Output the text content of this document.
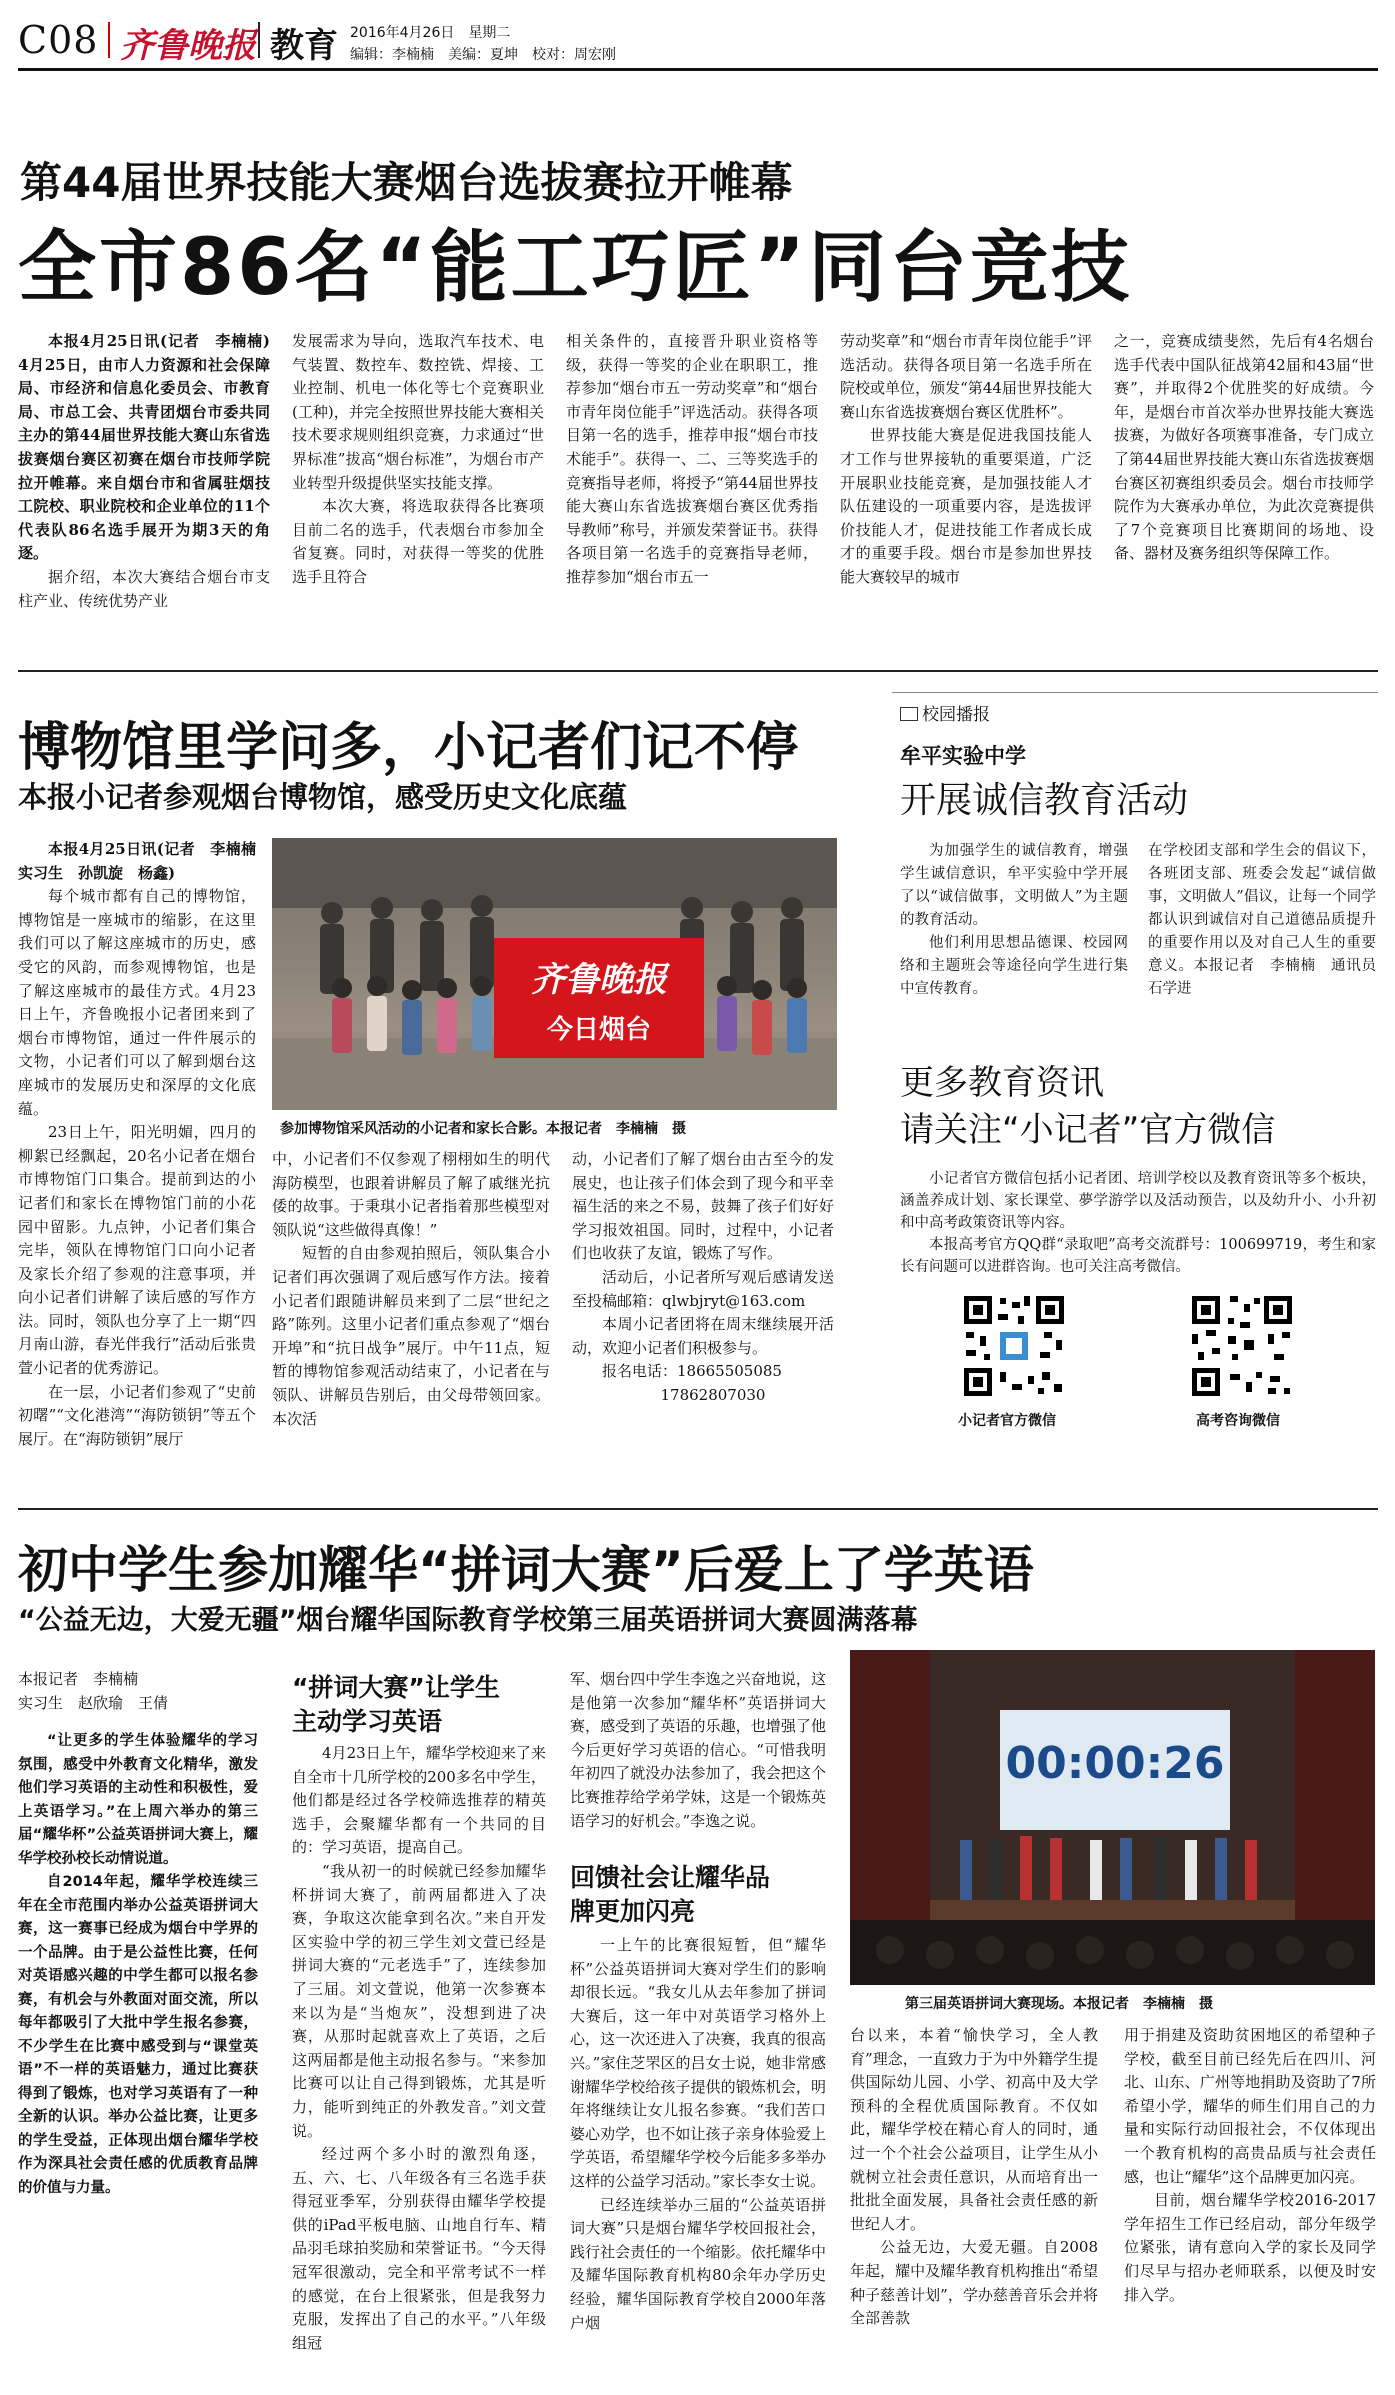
C08 齐鲁晚报 教育 2016年4月26日　星期二
编辑：李楠楠　美编：夏坤　校对：周宏刚
第44届世界技能大赛烟台选拔赛拉开帷幕
全市86名“能工巧匠”同台竞技

本报4月25日讯(记者　李楠楠)　4月25日，由市人力资源和社会保障局、市经济和信息化委员会、市教育局、市总工会、共青团烟台市委共同主办的第44届世界技能大赛山东省选拔赛烟台赛区初赛在烟台市技师学院拉开帷幕。来自烟台市和省属驻烟技工院校、职业院校和企业单位的11个代表队86名选手展开为期3天的角逐。

据介绍，本次大赛结合烟台市支柱产业、传统优势产业

发展需求为导向，选取汽车技术、电气装置、数控车、数控铣、焊接、工业控制、机电一体化等七个竞赛职业(工种)，并完全按照世界技能大赛相关技术要求规则组织竞赛，力求通过“世界标准”拔高“烟台标准”，为烟台市产业转型升级提供坚实技能支撑。

本次大赛，将选取获得各比赛项目前二名的选手，代表烟台市参加全省复赛。同时，对获得一等奖的优胜选手且符合

相关条件的，直接晋升职业资格等级，获得一等奖的企业在职职工，推荐参加“烟台市五一劳动奖章”和“烟台市青年岗位能手”评选活动。获得各项目第一名的选手，推荐申报“烟台市技术能手”。获得一、二、三等奖选手的竞赛指导老师，将授予“第44届世界技能大赛山东省选拔赛烟台赛区优秀指导教师”称号，并颁发荣誉证书。获得各项目第一名选手的竞赛指导老师，推荐参加“烟台市五一

劳动奖章”和“烟台市青年岗位能手”评选活动。获得各项目第一名选手所在院校或单位，颁发“第44届世界技能大赛山东省选拔赛烟台赛区优胜杯”。

世界技能大赛是促进我国技能人才工作与世界接轨的重要渠道，广泛开展职业技能竞赛，是加强技能人才队伍建设的一项重要内容，是选拔评价技能人才，促进技能工作者成长成才的重要手段。烟台市是参加世界技能大赛较早的城市

之一，竞赛成绩斐然，先后有4名烟台选手代表中国队征战第42届和43届“世赛”，并取得2个优胜奖的好成绩。今年，是烟台市首次举办世界技能大赛选拔赛，为做好各项赛事准备，专门成立了第44届世界技能大赛山东省选拔赛烟台赛区初赛组织委员会。烟台市技师学院作为大赛承办单位，为此次竞赛提供了7个竞赛项目比赛期间的场地、设备、器材及赛务组织等保障工作。

博物馆里学问多，小记者们记不停
本报小记者参观烟台博物馆，感受历史文化底蕴

本报4月25日讯(记者　李楠楠　实习生　孙凯旋　杨鑫)

每个城市都有自己的博物馆，博物馆是一座城市的缩影，在这里我们可以了解这座城市的历史，感受它的风韵，而参观博物馆，也是了解这座城市的最佳方式。4月23日上午，齐鲁晚报小记者团来到了烟台市博物馆，通过一件件展示的文物，小记者们可以了解到烟台这座城市的发展历史和深厚的文化底蕴。

23日上午，阳光明媚，四月的柳絮已经飘起，20名小记者在烟台市博物馆门口集合。提前到达的小记者们和家长在博物馆门前的小花园中留影。九点钟，小记者们集合完毕，领队在博物馆门口向小记者及家长介绍了参观的注意事项，并向小记者们讲解了读后感的写作方法。同时，领队也分享了上一期“四月南山游，春光伴我行”活动后张贵萱小记者的优秀游记。

在一层，小记者们参观了“史前初曙”“文化港湾”“海防锁钥”等五个展厅。在“海防锁钥”展厅

齐鲁晚报
今日烟台
参加博物馆采风活动的小记者和家长合影。本报记者　李楠楠　摄

中，小记者们不仅参观了栩栩如生的明代海防模型，也跟着讲解员了解了戚继光抗倭的故事。于秉琪小记者指着那些模型对领队说“这些做得真像！”

短暂的自由参观拍照后，领队集合小记者们再次强调了观后感写作方法。接着小记者们跟随讲解员来到了二层“世纪之路”陈列。这里小记者们重点参观了“烟台开埠”和“抗日战争”展厅。中午11点，短暂的博物馆参观活动结束了，小记者在与领队、讲解员告别后，由父母带领回家。本次活

动，小记者们了解了烟台由古至今的发展史，也让孩子们体会到了现今和平幸福生活的来之不易，鼓舞了孩子们好好学习报效祖国。同时，过程中，小记者们也收获了友谊，锻炼了写作。

活动后，小记者所写观后感请发送至投稿邮箱：qlwbjryt@163.com

本周小记者团将在周末继续展开活动，欢迎小记者们积极参与。

报名电话：18665505085

17862807030

校园播报
牟平实验中学
开展诚信教育活动

为加强学生的诚信教育，增强学生诚信意识，牟平实验中学开展了以“诚信做事，文明做人”为主题的教育活动。

他们利用思想品德课、校园网络和主题班会等途径向学生进行集中宣传教育。

在学校团支部和学生会的倡议下，各班团支部、班委会发起“诚信做事，文明做人”倡议，让每一个同学都认识到诚信对自己道德品质提升的重要作用以及对自己人生的重要意义。本报记者　李楠楠　通讯员　石学进

更多教育资讯
请关注“小记者”官方微信

小记者官方微信包括小记者团、培训学校以及教育资讯等多个板块，涵盖养成计划、家长课堂、夢学游学以及活动预告，以及幼升小、小升初和中高考政策资讯等内容。

本报高考官方QQ群“录取吧”高考交流群号：100699719，考生和家长有问题可以进群咨询。也可关注高考微信。

小记者官方微信	高考咨询微信
初中学生参加耀华“拼词大赛”后爱上了学英语
“公益无边，大爱无疆”烟台耀华国际教育学校第三届英语拼词大赛圆满落幕

本报记者　李楠楠

实习生　赵欣瑜　王倩

“让更多的学生体验耀华的学习氛围，感受中外教育文化精华，激发他们学习英语的主动性和积极性，爱上英语学习。”在上周六举办的第三届“耀华杯”公益英语拼词大赛上，耀华学校孙校长动情说道。

自2014年起，耀华学校连续三年在全市范围内举办公益英语拼词大赛，这一赛事已经成为烟台中学界的一个品牌。由于是公益性比赛，任何对英语感兴趣的中学生都可以报名参赛，有机会与外教面对面交流，所以每年都吸引了大批中学生报名参赛，不少学生在比赛中感受到与“课堂英语”不一样的英语魅力，通过比赛获得到了锻炼，也对学习英语有了一种全新的认识。举办公益比赛，让更多的学生受益，正体现出烟台耀华学校作为深具社会责任感的优质教育品牌的价值与力量。

“拼词大赛”让学生
主动学习英语

4月23日上午，耀华学校迎来了来自全市十几所学校的200多名中学生，他们都是经过各学校筛选推荐的精英选手，会聚耀华都有一个共同的目的：学习英语，提高自己。

“我从初一的时候就已经参加耀华杯拼词大赛了，前两届都进入了决赛，争取这次能拿到名次。”来自开发区实验中学的初三学生刘文萱已经是拼词大赛的“元老选手”了，连续参加了三届。刘文萱说，他第一次参赛本来以为是“当炮灰”，没想到进了决赛，从那时起就喜欢上了英语，之后这两届都是他主动报名参与。“来参加比赛可以让自己得到锻炼，尤其是听力，能听到纯正的外教发音。”刘文萱说。

经过两个多小时的激烈角逐，五、六、七、八年级各有三名选手获得冠亚季军，分别获得由耀华学校提供的iPad平板电脑、山地自行车、精品羽毛球拍奖励和荣誉证书。“今天得冠军很激动，完全和平常考试不一样的感觉，在台上很紧张，但是我努力克服，发挥出了自己的水平。”八年级组冠

军、烟台四中学生李逸之兴奋地说，这是他第一次参加“耀华杯”英语拼词大赛，感受到了英语的乐趣，也增强了他今后更好学习英语的信心。“可惜我明年初四了就没办法参加了，我会把这个比赛推荐给学弟学妹，这是一个锻炼英语学习的好机会。”李逸之说。

回馈社会让耀华品
牌更加闪亮

一上午的比赛很短暂，但“耀华杯”公益英语拼词大赛对学生们的影响却很长远。“我女儿从去年参加了拼词大赛后，这一年中对英语学习格外上心，这一次还进入了决赛，我真的很高兴。”家住芝罘区的吕女士说，她非常感谢耀华学校给孩子提供的锻炼机会，明年将继续让女儿报名参赛。“我们苦口婆心劝学，也不如让孩子亲身体验爱上学英语，希望耀华学校今后能多多举办这样的公益学习活动。”家长李女士说。

已经连续举办三届的“公益英语拼词大赛”只是烟台耀华学校回报社会，践行社会责任的一个缩影。依托耀华中及耀华国际教育机构80余年办学历史经验，耀华国际教育学校自2000年落户烟

00:00:26
第三届英语拼词大赛现场。本报记者　李楠楠　摄

台以来，本着“愉快学习，全人教育”理念，一直致力于为中外籍学生提供国际幼儿园、小学、初高中及大学预科的全程优质国际教育。不仅如此，耀华学校在精心育人的同时，通过一个个社会公益项目，让学生从小就树立社会责任意识，从而培育出一批批全面发展，具备社会责任感的新世纪人才。

公益无边，大爱无疆。自2008年起，耀中及耀华教育机构推出“希望种子慈善计划”，学办慈善音乐会并将全部善款

用于捐建及资助贫困地区的希望种子学校，截至目前已经先后在四川、河北、山东、广州等地捐助及资助了7所希望小学，耀华的师生们用自己的力量和实际行动回报社会，不仅体现出一个教育机构的高贵品质与社会责任感，也让“耀华”这个品牌更加闪亮。

目前，烟台耀华学校2016-2017学年招生工作已经启动，部分年级学位紧张，请有意向入学的家长及同学们尽早与招办老师联系，以便及时安排入学。
